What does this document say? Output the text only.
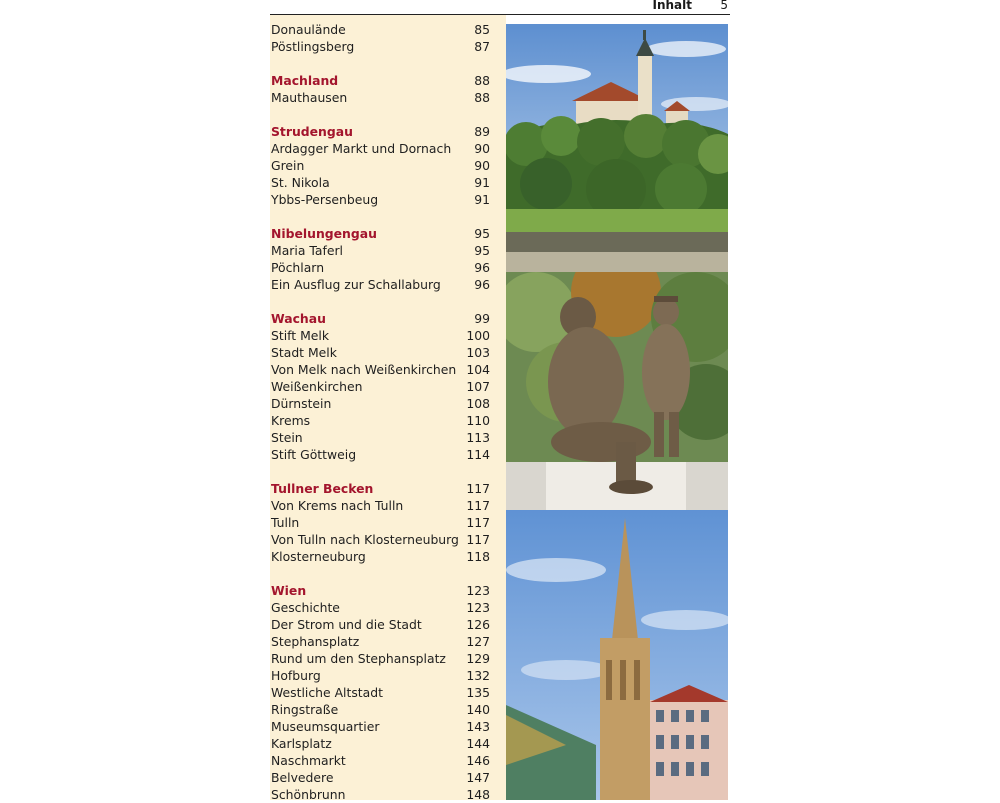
Inhalt 5
Donaulände	85
Pöstlingsberg	87
Machland	88
Mauthausen	88
Strudengau	89
Ardagger Markt und Dornach 90
Grein	90
St. Nikola	91
Ybbs-Persenbeug	91
Nibelungengau	95
Maria Taferl	95
Pöchlarn	96
Ein Ausflug zur Schallaburg	96
Wachau	99
Stift Melk	100
Stadt Melk	103
Von Melk nach Weißenkirchen 104
Weißenkirchen	107
Dürnstein	108
Krems	110
Stein	113
Stift Göttweig	114
Tullner Becken	117
Von Krems nach Tulln	117
Tulln	117
Von Tulln nach Klosterneuburg 117
Klosterneuburg	118
Wien	123
Geschichte	123
Der Strom und die Stadt	126
Stephansplatz	127
Rund um den Stephansplatz 129
Hofburg	132
Westliche Altstadt	135
Ringstraße	140
Museumsquartier	143
Karlsplatz	144
Naschmarkt	146
Belvedere	147
Schönbrunn	148
